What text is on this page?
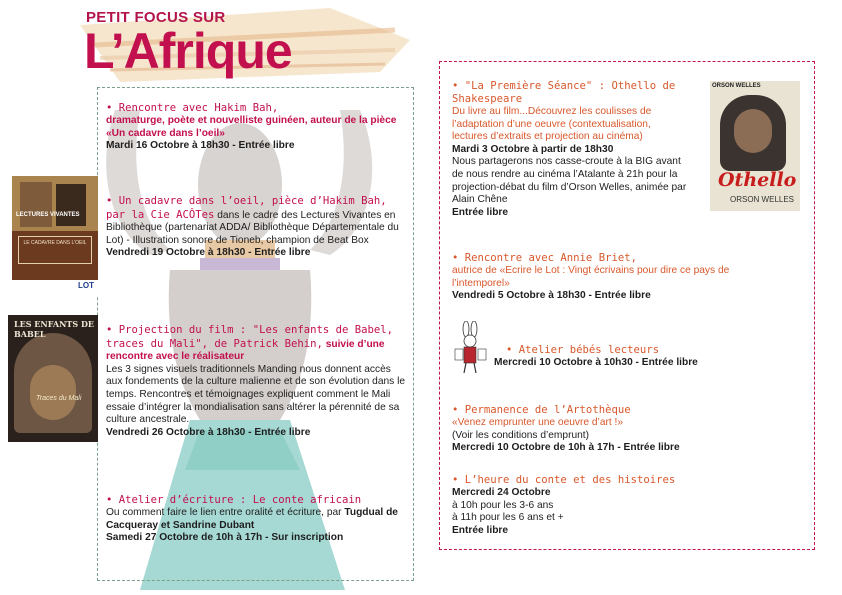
PETIT FOCUS SUR
L’Afrique
LECTURES VIVANTES
LE CADAVRE DANS L’OEIL
LOT
LES ENFANTS DE BABEL
Traces du Mali
ORSON WELLES
Othello
ORSON WELLES
• Rencontre avec Hakim Bah,
dramaturge, poète et nouvelliste guinéen, auteur de la pièce «Un cadavre dans l’oeil»
Mardi 16 Octobre à 18h30 - Entrée libre
• Un cadavre dans l’oeil, pièce d’Hakim Bah, par la Cie ACÔTes dans le cadre des Lectures Vivantes en Bibliothèque (partenariat ADDA/ Bibliothèque Départementale du Lot) - Illustration sonore de Tioneb, champion de Beat Box
Vendredi 19 Octobre à 18h30 - Entrée libre
• Projection du film : "Les enfants de Babel, traces du Mali", de Patrick Behin, suivie d’une rencontre avec le réalisateur
Les 3 signes visuels traditionnels Manding nous donnent accès aux fondements de la culture malienne et de son évolution dans le temps. Rencontres et témoignages expliquent comment le Mali essaie d’intégrer la mondialisation sans altérer la pérennité de sa culture ancestrale.
Vendredi 26 Octobre à 18h30 - Entrée libre
• Atelier d’écriture : Le conte africain
Ou comment faire le lien entre oralité et écriture, par Tugdual de Cacqueray et Sandrine Dubant
Samedi 27 Octobre de 10h à 17h - Sur inscription
• "La Première Séance" : Othello de Shakespeare
Du livre au film...Découvrez les coulisses de l’adaptation d’une oeuvre (contextualisation, lectures d’extraits et projection au cinéma)
Mardi 3 Octobre à partir de 18h30
Nous partagerons nos casse-croute à la BIG avant de nous rendre au cinéma l’Atalante à 21h pour la projection-débat du film d’Orson Welles, animée par Alain Chêne
Entrée libre
• Rencontre avec Annie Briet,
autrice de «Ecrire le Lot : Vingt écrivains pour dire ce pays de l’intemporel»
Vendredi 5 Octobre à 18h30 - Entrée libre
• Atelier bébés lecteurs
Mercredi 10 Octobre à 10h30 - Entrée libre
• Permanence de l’Artothèque
«Venez emprunter une oeuvre d’art !»
(Voir les conditions d’emprunt)
Mercredi 10 Octobre de 10h à 17h - Entrée libre
• L’heure du conte et des histoires
Mercredi 24 Octobre
à 10h pour les 3-6 ans
à 11h pour les 6 ans et +
Entrée libre
